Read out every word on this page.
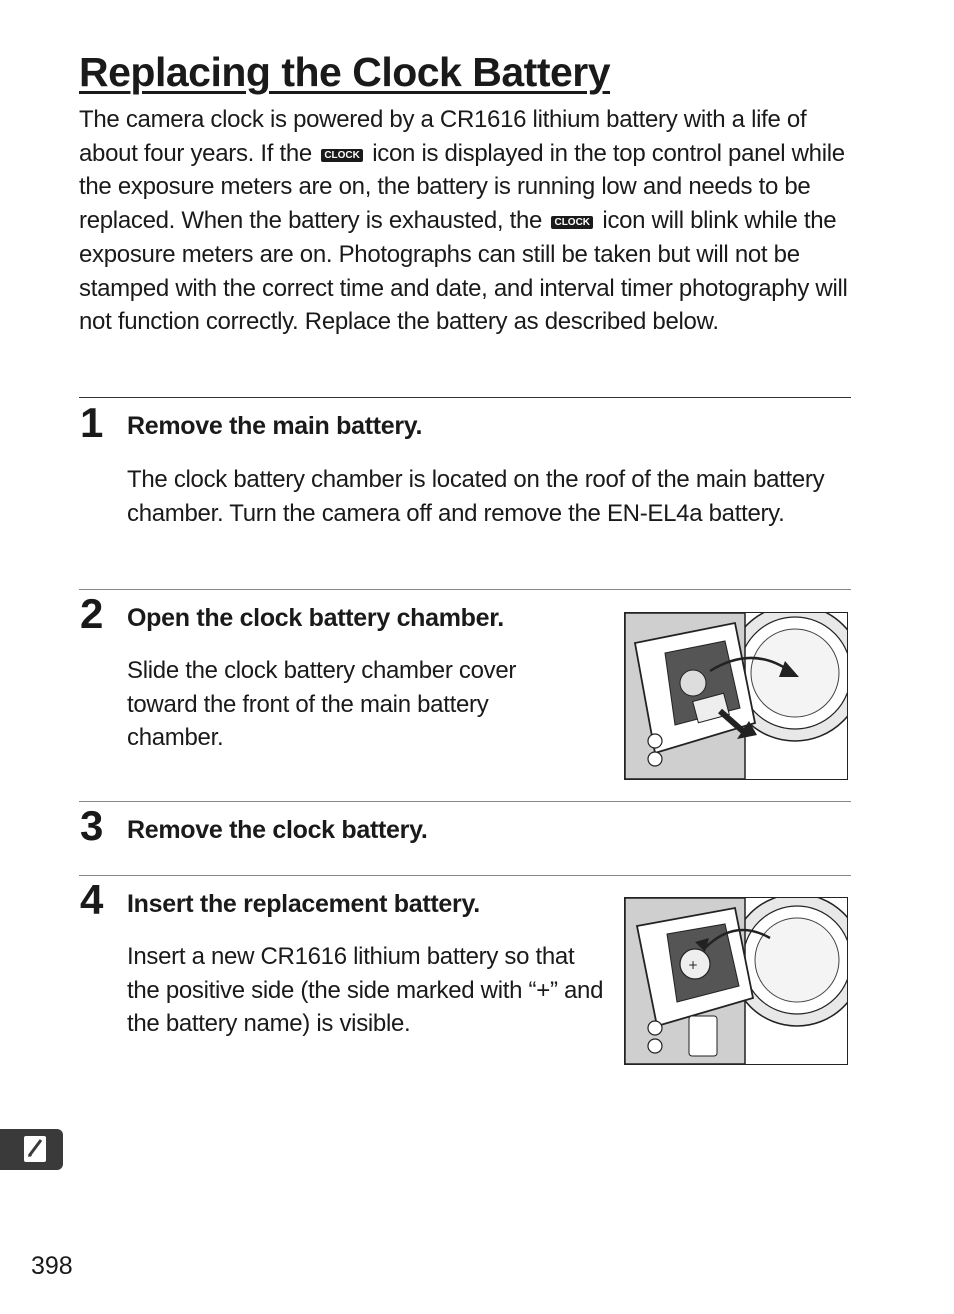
Replacing the Clock Battery

The camera clock is powered by a CR1616 lithium battery with a life of about four years. If the CLOCK icon is displayed in the top control panel while the exposure meters are on, the battery is running low and needs to be replaced. When the battery is exhausted, the CLOCK icon will blink while the exposure meters are on. Photographs can still be taken but will not be stamped with the correct time and date, and interval timer photography will not function correctly. Replace the battery as described below.

1 Remove the main battery.

The clock battery chamber is located on the roof of the main battery chamber. Turn the camera off and remove the EN-EL4a battery.

2 Open the clock battery chamber.

Slide the clock battery chamber cover toward the front of the main battery chamber.

3 Remove the clock battery.
4 Insert the replacement battery.

Insert a new CR1616 lithium battery so that the positive side (the side marked with “+” and the battery name) is visible.

+
398
